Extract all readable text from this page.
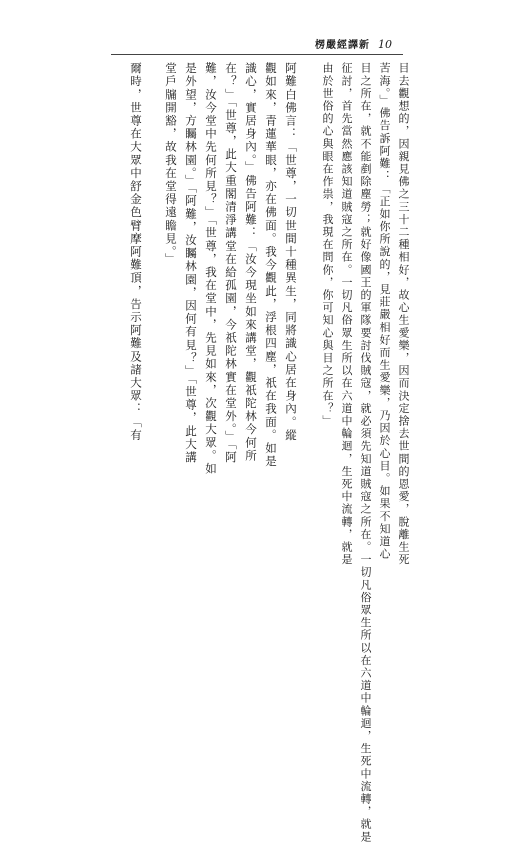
楞嚴經譯新 10
目去觀想的，因親見佛之三十二種相好，故心生愛樂，因而決定捨去世間的恩愛，脫離生死
苦海。」佛告訴阿難：「正如你所說的，見莊嚴相好而生愛樂，乃因於心目。如果不知道心
目之所在，就不能剷除塵勞；就好像國王的軍隊要討伐賊寇，就必須先知道賊寇之所在。一切凡俗眾生所以在六道中輪迴，生死中流轉，就是
征討，首先當然應該知道賊寇之所在。一切凡俗眾生所以在六道中輪迴，生死中流轉，就是
由於世俗的心與眼在作祟，我現在問你，你可知心與目之所在？」
阿難白佛言：「世尊，一切世間十種異生，同將識心居在身內。縱
觀如來，青蓮華眼，亦在佛面。我今觀此，浮根四塵，祇在我面。如是
識心，實居身內。」佛告阿難：「汝今現坐如來講堂，觀祇陀林今何所
在？」「世尊，此大重閣清淨講堂在給孤園，今祇陀林實在堂外。」「阿
難，汝今堂中先何所見？」「世尊，我在堂中，先見如來，次觀大眾。如
是外望，方矚林園。」「阿難，汝矚林園，因何有見？」「世尊，此大講
堂戶牖開豁，故我在堂得遠瞻見。」
爾時，世尊在大眾中舒金色臂摩阿難頂，告示阿難及諸大眾：「有
